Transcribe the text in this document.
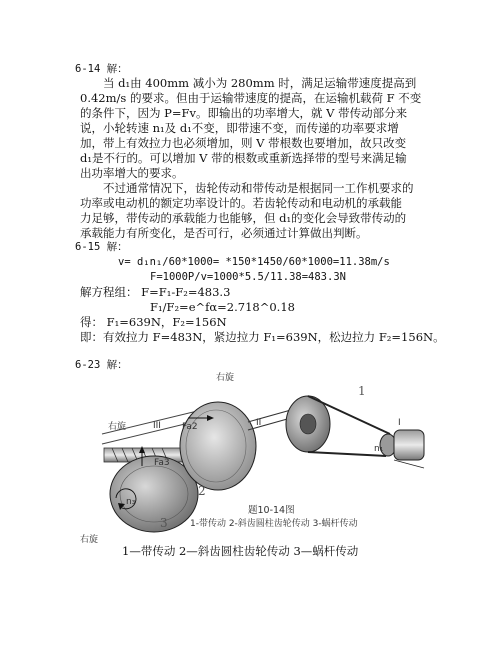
6-14 解：
当 d₁由 400mm 减小为 280mm 时，满足运输带速度提高到
0.42m/s 的要求。但由于运输带速度的提高，在运输机载荷 F 不变
的条件下，因为 P=Fv。即输出的功率增大，就 V 带传动部分来
说，小轮转速 n₁及 d₁不变，即带速不变，而传递的功率要求增
加，带上有效拉力也必须增加，则 V 带根数也要增加，故只改变
d₁是不行的。可以增加 V 带的根数或重新选择带的型号来满足输
出功率增大的要求。
不过通常情况下，齿轮传动和带传动是根据同一工作机要求的
功率或电动机的额定功率设计的。若齿轮传动和电动机的承载能
力足够，带传动的承载能力也能够，但 d₁的变化会导致带传动的
承载能力有所变化，是否可行，必须通过计算做出判断。
6-15 解：
v= d₁n₁/60*1000= *150*1450/60*1000=11.38m/s
F=1000P/v=1000*5.5/11.38=483.3N
解方程组： F=F₁-F₂=483.3
F₁/F₂=e^fα=2.718^0.18
得： F₁=639N，F₂=156N
即：有效拉力 F=483N，紧边拉力 F₁=639N，松边拉力 F₂=156N。
6-23 解：
右旋
右旋
右旋
III	II	I
Fa2
Fa3
n₃
n₁
1
2
3
题10-14图
1-带传动 2-斜齿圆柱齿轮传动 3-蜗杆传动
1—带传动 2—斜齿圆柱齿轮传动 3—蜗杆传动
